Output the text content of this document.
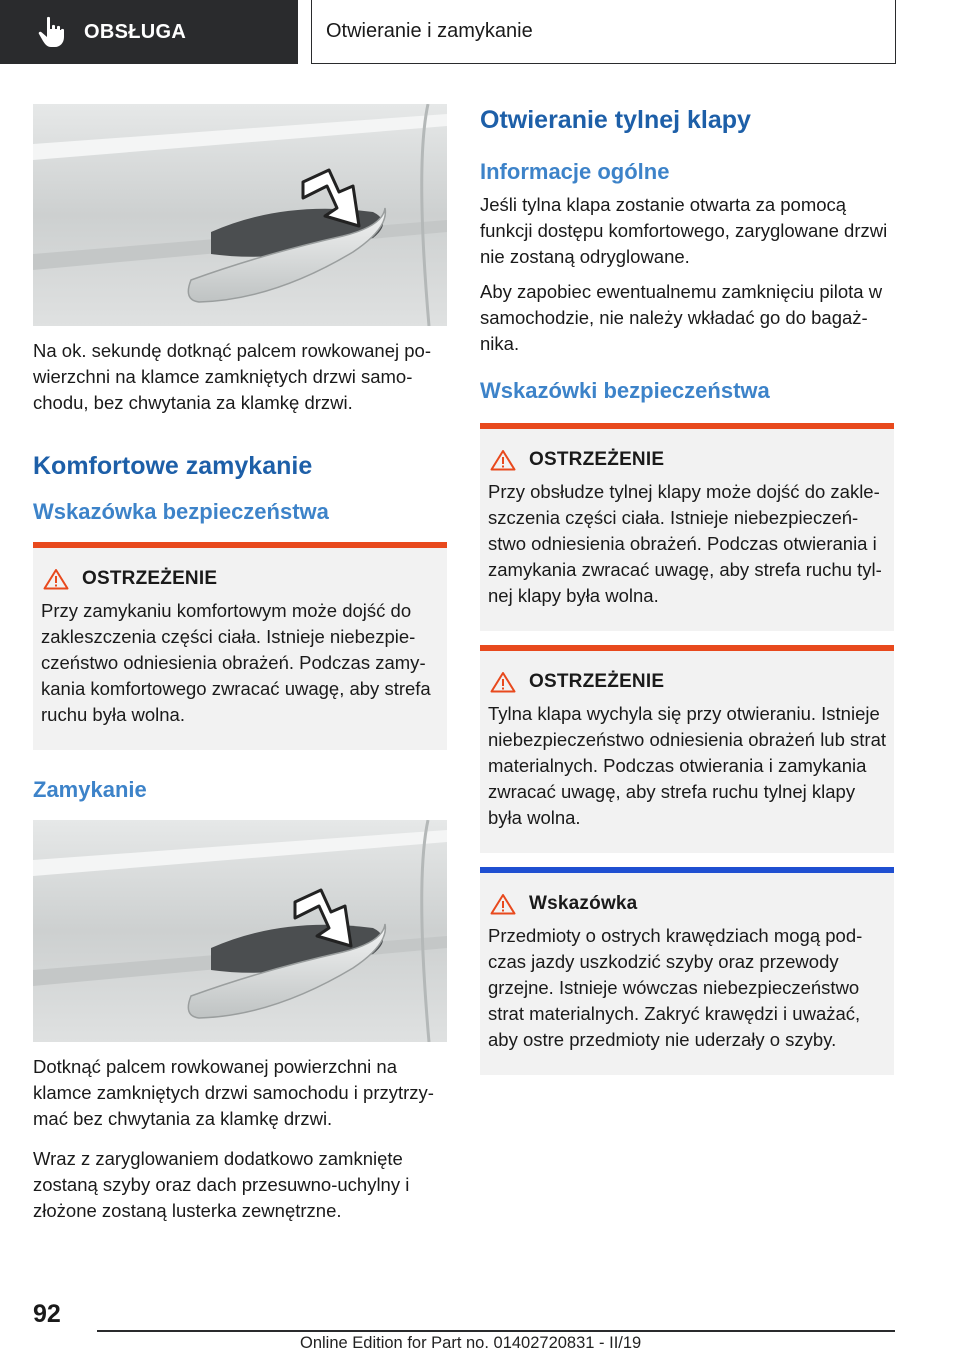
OBSŁUGA	Otwieranie i zamykanie

Na ok. sekundę dotknąć palcem rowkowanej powierzchni na klamce zamkniętych drzwi samochodu, bez chwytania za klamkę drzwi.

Komfortowe zamykanie
Wskazówka bezpieczeństwa
OSTRZEŻENIE

Przy zamykaniu komfortowym może dojść do zakleszczenia części ciała. Istnieje niebezpieczeństwo odniesienia obrażeń. Podczas zamykania komfortowego zwracać uwagę, aby strefa ruchu była wolna.

Zamykanie

Dotknąć palcem rowkowanej powierzchni na klamce zamkniętych drzwi samochodu i przytrzymać bez chwytania za klamkę drzwi.

Wraz z zaryglowaniem dodatkowo zamknięte zostaną szyby oraz dach przesuwno-uchylny i złożone zostaną lusterka zewnętrzne.

Otwieranie tylnej klapy
Informacje ogólne

Jeśli tylna klapa zostanie otwarta za pomocą funkcji dostępu komfortowego, zaryglowane drzwi nie zostaną odryglowane.

Aby zapobiec ewentualnemu zamknięciu pilota w samochodzie, nie należy wkładać go do bagażnika.

Wskazówki bezpieczeństwa
OSTRZEŻENIE

Przy obsłudze tylnej klapy może dojść do zakleszczenia części ciała. Istnieje niebezpieczeństwo odniesienia obrażeń. Podczas otwierania i zamykania zwracać uwagę, aby strefa ruchu tylnej klapy była wolna.

OSTRZEŻENIE

Tylna klapa wychyla się przy otwieraniu. Istnieje niebezpieczeństwo odniesienia obrażeń lub strat materialnych. Podczas otwierania i zamykania zwracać uwagę, aby strefa ruchu tylnej klapy była wolna.

Wskazówka

Przedmioty o ostrych krawędziach mogą podczas jazdy uszkodzić szyby oraz przewody grzejne. Istnieje wówczas niebezpieczeństwo strat materialnych. Zakryć krawędzi i uważać, aby ostre przedmioty nie uderzały o szyby.

92
Online Edition for Part no. 01402720831 - II/19
